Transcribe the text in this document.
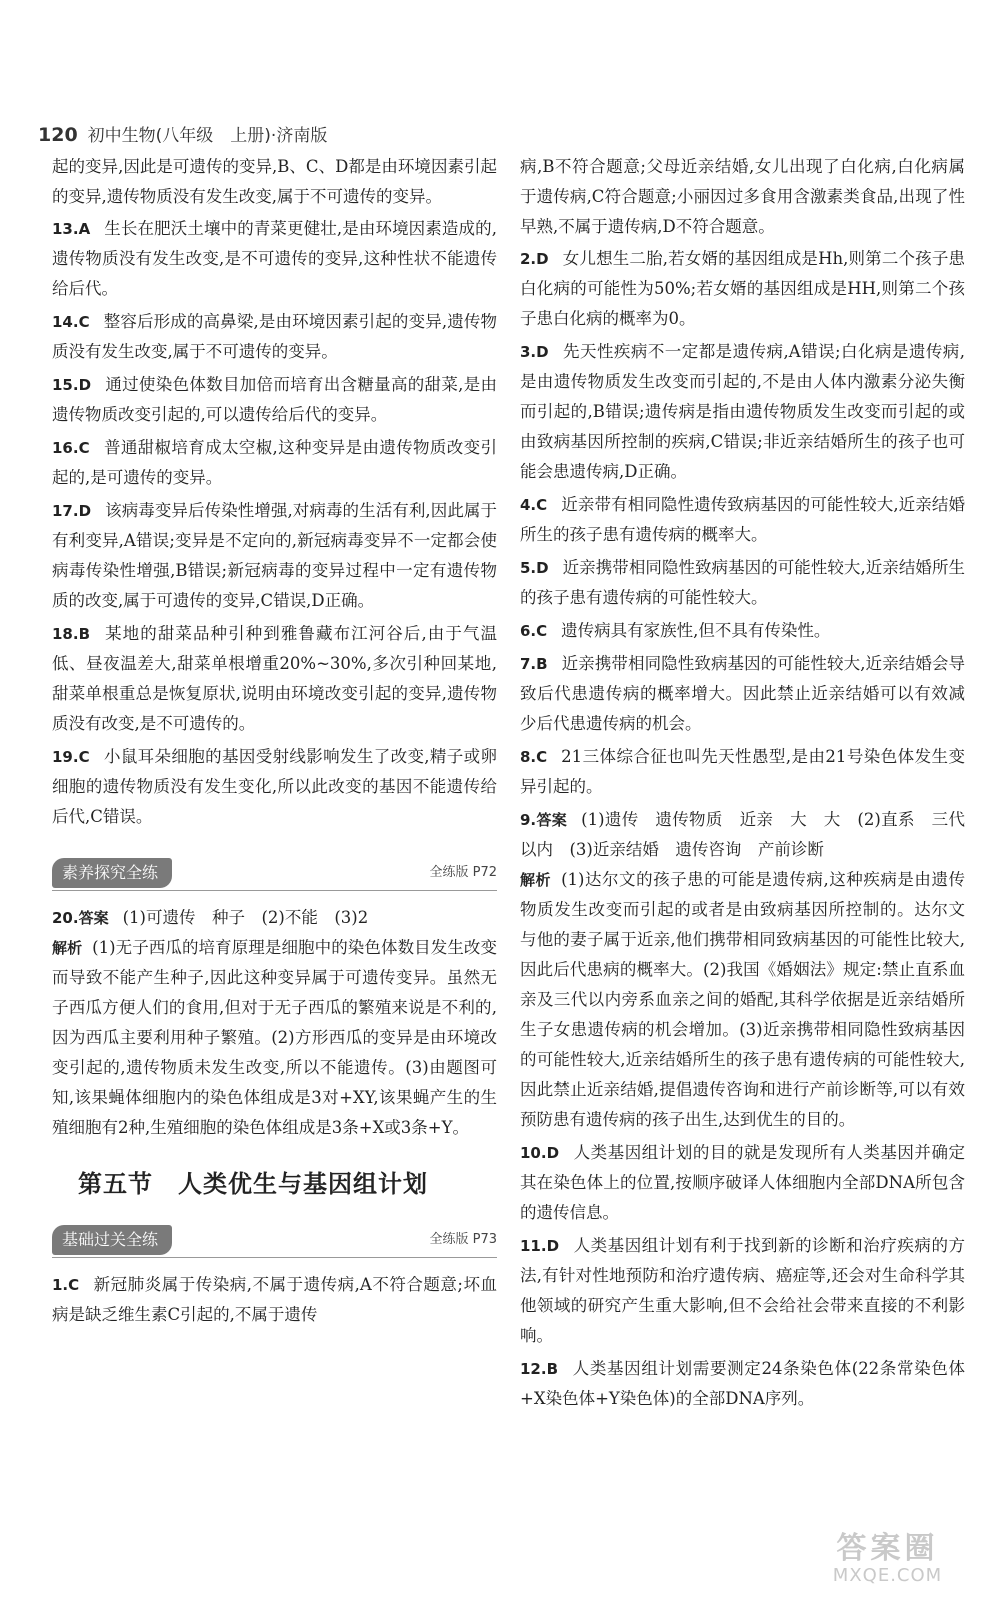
120 初中生物(八年级　上册)·济南版

起的变异,因此是可遗传的变异,B、C、D都是由环境因素引起的变异,遗传物质没有发生改变,属于不可遗传的变异。

13.A 生长在肥沃土壤中的青菜更健壮,是由环境因素造成的,遗传物质没有发生改变,是不可遗传的变异,这种性状不能遗传给后代。

14.C 整容后形成的高鼻梁,是由环境因素引起的变异,遗传物质没有发生改变,属于不可遗传的变异。

15.D 通过使染色体数目加倍而培育出含糖量高的甜菜,是由遗传物质改变引起的,可以遗传给后代的变异。

16.C 普通甜椒培育成太空椒,这种变异是由遗传物质改变引起的,是可遗传的变异。

17.D 该病毒变异后传染性增强,对病毒的生活有利,因此属于有利变异,A错误;变异是不定向的,新冠病毒变异不一定都会使病毒传染性增强,B错误;新冠病毒的变异过程中一定有遗传物质的改变,属于可遗传的变异,C错误,D正确。

18.B 某地的甜菜品种引种到雅鲁藏布江河谷后,由于气温低、昼夜温差大,甜菜单根增重20%~30%,多次引种回某地,甜菜单根重总是恢复原状,说明由环境改变引起的变异,遗传物质没有改变,是不可遗传的。

19.C 小鼠耳朵细胞的基因受射线影响发生了改变,精子或卵细胞的遗传物质没有发生变化,所以此改变的基因不能遗传给后代,C错误。

素养探究全练	全练版 P72

20.答案 (1)可遗传　种子　(2)不能　(3)2

解析 (1)无子西瓜的培育原理是细胞中的染色体数目发生改变而导致不能产生种子,因此这种变异属于可遗传变异。虽然无子西瓜方便人们的食用,但对于无子西瓜的繁殖来说是不利的,因为西瓜主要利用种子繁殖。(2)方形西瓜的变异是由环境改变引起的,遗传物质未发生改变,所以不能遗传。(3)由题图可知,该果蝇体细胞内的染色体组成是3对+XY,该果蝇产生的生殖细胞有2种,生殖细胞的染色体组成是3条+X或3条+Y。

第五节　人类优生与基因组计划
基础过关全练	全练版 P73

1.C 新冠肺炎属于传染病,不属于遗传病,A不符合题意;坏血病是缺乏维生素C引起的,不属于遗传

病,B不符合题意;父母近亲结婚,女儿出现了白化病,白化病属于遗传病,C符合题意;小丽因过多食用含激素类食品,出现了性早熟,不属于遗传病,D不符合题意。

2.D 女儿想生二胎,若女婿的基因组成是Hh,则第二个孩子患白化病的可能性为50%;若女婿的基因组成是HH,则第二个孩子患白化病的概率为0。

3.D 先天性疾病不一定都是遗传病,A错误;白化病是遗传病,是由遗传物质发生改变而引起的,不是由人体内激素分泌失衡而引起的,B错误;遗传病是指由遗传物质发生改变而引起的或由致病基因所控制的疾病,C错误;非近亲结婚所生的孩子也可能会患遗传病,D正确。

4.C 近亲带有相同隐性遗传致病基因的可能性较大,近亲结婚所生的孩子患有遗传病的概率大。

5.D 近亲携带相同隐性致病基因的可能性较大,近亲结婚所生的孩子患有遗传病的可能性较大。

6.C 遗传病具有家族性,但不具有传染性。

7.B 近亲携带相同隐性致病基因的可能性较大,近亲结婚会导致后代患遗传病的概率增大。因此禁止近亲结婚可以有效减少后代患遗传病的机会。

8.C 21三体综合征也叫先天性愚型,是由21号染色体发生变异引起的。

9.答案 (1)遗传　遗传物质　近亲　大　大　(2)直系　三代以内　(3)近亲结婚　遗传咨询　产前诊断

解析 (1)达尔文的孩子患的可能是遗传病,这种疾病是由遗传物质发生改变而引起的或者是由致病基因所控制的。达尔文与他的妻子属于近亲,他们携带相同致病基因的可能性比较大,因此后代患病的概率大。(2)我国《婚姻法》规定:禁止直系血亲及三代以内旁系血亲之间的婚配,其科学依据是近亲结婚所生子女患遗传病的机会增加。(3)近亲携带相同隐性致病基因的可能性较大,近亲结婚所生的孩子患有遗传病的可能性较大,因此禁止近亲结婚,提倡遗传咨询和进行产前诊断等,可以有效预防患有遗传病的孩子出生,达到优生的目的。

10.D 人类基因组计划的目的就是发现所有人类基因并确定其在染色体上的位置,按顺序破译人体细胞内全部DNA所包含的遗传信息。

11.D 人类基因组计划有利于找到新的诊断和治疗疾病的方法,有针对性地预防和治疗遗传病、癌症等,还会对生命科学其他领域的研究产生重大影响,但不会给社会带来直接的不利影响。

12.B 人类基因组计划需要测定24条染色体(22条常染色体+X染色体+Y染色体)的全部DNA序列。

答案圈
MXQE.COM
